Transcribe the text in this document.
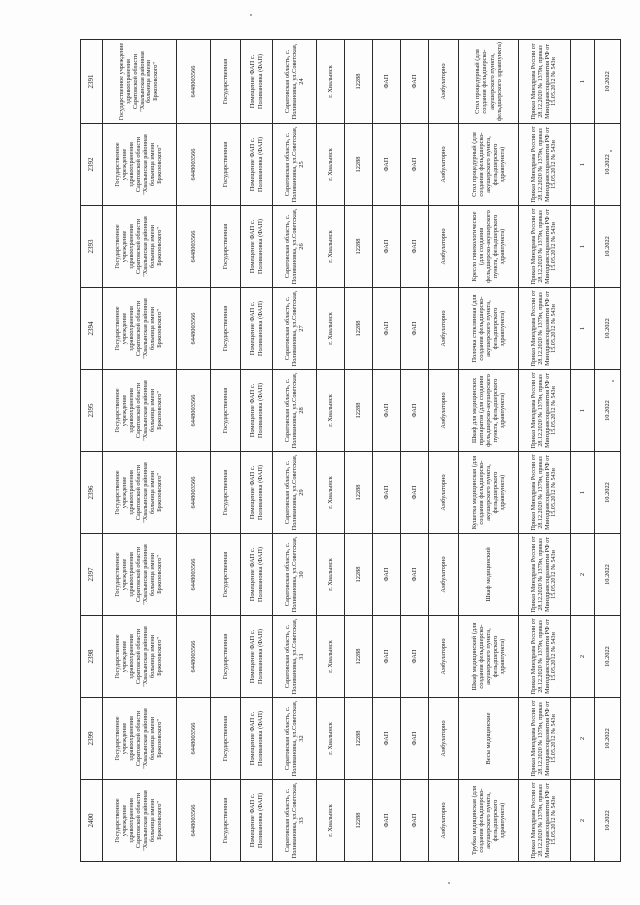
2400	2399	2398	2397	2396	2395	2394	2393	2392	2391
Государственное учреждение здравоохранения Саратовской области "Хвалынская районная больница имени Бржозовского"	Государственное учреждение здравоохранения Саратовской области "Хвалынская районная больница имени Бржозовского"	Государственное учреждение здравоохранения Саратовской области "Хвалынская районная больница имени Бржозовского"	Государственное учреждение здравоохранения Саратовской области "Хвалынская районная больница имени Бржозовского"	Государственное учреждение здравоохранения Саратовской области "Хвалынская районная больница имени Бржозовского"	Государственное учреждение здравоохранения Саратовской области "Хвалынская районная больница имени Бржозовского"	Государственное учреждение здравоохранения Саратовской области "Хвалынская районная больница имени Бржозовского"	Государственное учреждение здравоохранения Саратовской области "Хвалынская районная больница имени Бржозовского"	Государственное учреждение здравоохранения Саратовской области "Хвалынская районная больница имени Бржозовского"	Государственное учреждение здравоохранения Саратовской области "Хвалынская районная больница имени Бржозовского"
6448003566	6448003566	6448003566	6448003566	6448003566	6448003566	6448003566	6448003566	6448003566	6448003566
Государственная	Государственная	Государственная	Государственная	Государственная	Государственная	Государственная	Государственная	Государственная	Государственная
Помещение ФАП с. Поливановка (ФАП)	Помещение ФАП с. Поливановка (ФАП)	Помещение ФАП с. Поливановка (ФАП)	Помещение ФАП с. Поливановка (ФАП)	Помещение ФАП с. Поливановка (ФАП)	Помещение ФАП с. Поливановка (ФАП)	Помещение ФАП с. Поливановка (ФАП)	Помещение ФАП с. Поливановка (ФАП)	Помещение ФАП с. Поливановка (ФАП)	Помещение ФАП с. Поливановка (ФАП)
Саратовская область, с. Поливановка, ул.Советская, 33	Саратовская область, с. Поливановка, ул.Советская, 32	Саратовская область, с. Поливановка, ул.Советская, 31	Саратовская область, с. Поливановка, ул.Советская, 30	Саратовская область, с. Поливановка, ул.Советская, 29	Саратовская область, с. Поливановка, ул.Советская, 28	Саратовская область, с. Поливановка, ул.Советская, 27	Саратовская область, с. Поливановка, ул.Советская, 26	Саратовская область, с. Поливановка, ул.Советская, 25	Саратовская область, с. Поливановка, ул.Советская, 24
г. Хвалынск	г. Хвалынск	г. Хвалынск	г. Хвалынск	г. Хвалынск	г. Хвалынск	г. Хвалынск	г. Хвалынск	г. Хвалынск	г. Хвалынск
12288	12288	12288	12288	12288	12288	12288	12288	12288	12288
ФАП	ФАП	ФАП	ФАП	ФАП	ФАП	ФАП	ФАП	ФАП	ФАП
ФАП	ФАП	ФАП	ФАП	ФАП	ФАП	ФАП	ФАП	ФАП	ФАП
Амбулаторно	Амбулаторно	Амбулаторно	Амбулаторно	Амбулаторно	Амбулаторно	Амбулаторно	Амбулаторно	Амбулаторно	Амбулаторно
Трубка медицинская (для создания фельдшерско-акушерского пункта, фельдшерского здравпункта)	Весы медицинские	Шкаф медицинский (для создания фельдшерско-акушерского пункта, фельдшерского здравпункта)	Шкаф медицинский	Кушетка медицинская (для создания фельдшерско-акушерского пункта, фельдшерского здравпункта)	Шкаф для медицинских препаратов (для создания фельдшерско-акушерского пункта, фельдшерского здравпункта)	Полочка стеклянная (для создания фельдшерско-акушерского пункта, фельдшерского здравпункта)	Кресло гинекологическое (для создания фельдшерско-акушерского пункта, фельдшерского здравпункта)	Стол процедурный (для создания фельдшерско-акушерского пункта, фельдшерского здравпункта)	Стол процедурный (для создания фельдшерско-акушерского пункта, фельдшерского здравпункта)
Приказ Минздрава России от 28.12.2020 № 1379н, приказ Минздравсоцразвития РФ от 15.05.2012 № 543н	Приказ Минздрава России от 28.12.2020 № 1379н, приказ Минздравсоцразвития РФ от 15.05.2012 № 543н	Приказ Минздрава России от 28.12.2020 № 1379н, приказ Минздравсоцразвития РФ от 15.05.2012 № 543н	Приказ Минздрава России от 28.12.2020 № 1379н, приказ Минздравсоцразвития РФ от 15.05.2012 № 543н	Приказ Минздрава России от 28.12.2020 № 1379н, приказ Минздравсоцразвития РФ от 15.05.2012 № 543н	Приказ Минздрава России от 28.12.2020 № 1379н, приказ Минздравсоцразвития РФ от 15.05.2012 № 543н	Приказ Минздрава России от 28.12.2020 № 1379н, приказ Минздравсоцразвития РФ от 15.05.2012 № 543н	Приказ Минздрава России от 28.12.2020 № 1379н, приказ Минздравсоцразвития РФ от 15.05.2012 № 543н	Приказ Минздрава России от 28.12.2020 № 1379н, приказ Минздравсоцразвития РФ от 15.05.2012 № 543н	Приказ Минздрава России от 28.12.2020 № 1379н, приказ Минздравсоцразвития РФ от 15.05.2012 № 543н
2	2	2	2	1	1	1	1	1	1
10.2022	10.2022	10.2022	10.2022	10.2022	10.2022	10.2022	10.2022	10.2022	10.2022
